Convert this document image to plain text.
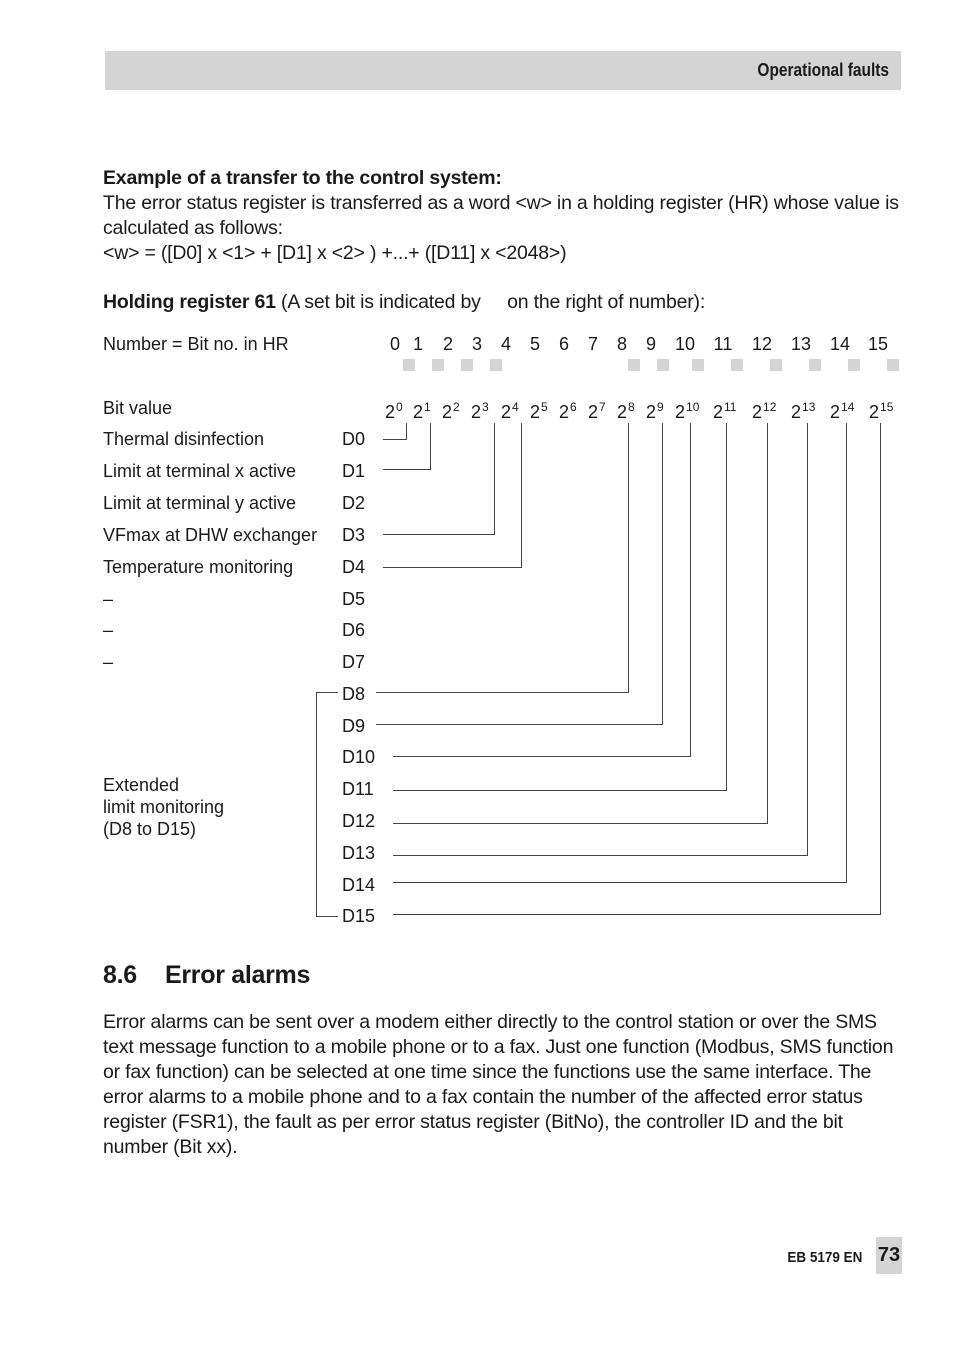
Operational faults
Example of a transfer to the control system:
The error status register is transferred as a word <w> in a holding register (HR) whose value is calculated as follows:
<w> = ([D0] x <1> + [D1] x <2> ) +...+ ([D11] x <2048>)
Holding register 61 (A set bit is indicated by on the right of number):
Number = Bit no. in HR
Bit value
0 1 2 3 4 5 6 7 8 9 10 11 12 13 14 15
$2^0$ $2^1$ $2^2$ $2^3$ $2^4$ $2^5$ $2^6$ $2^7$ $2^8$ $2^9$ $2^{10}$ $2^{11}$ $2^{12}$ $2^{13}$ $2^{14}$ $2^{15}$
Thermal disinfection	D0
Limit at terminal x active	D1
Limit at terminal y active	D2
VFmax at DHW exchanger D3
Temperature monitoring	D4
–	D5
–	D6
–	D7
D8
D9
D10
D11
D12
D13
D14
D15
Extended
limit monitoring
(D8 to D15)
8.6 Error alarms
Error alarms can be sent over a modem either directly to the control station or over the SMS text message function to a mobile phone or to a fax. Just one function (Modbus, SMS function or fax function) can be selected at one time since the functions use the same interface. The error alarms to a mobile phone and to a fax contain the number of the affected error status register (FSR1), the fault as per error status register (BitNo), the controller ID and the bit number (Bit xx).
EB 5179 EN 73
